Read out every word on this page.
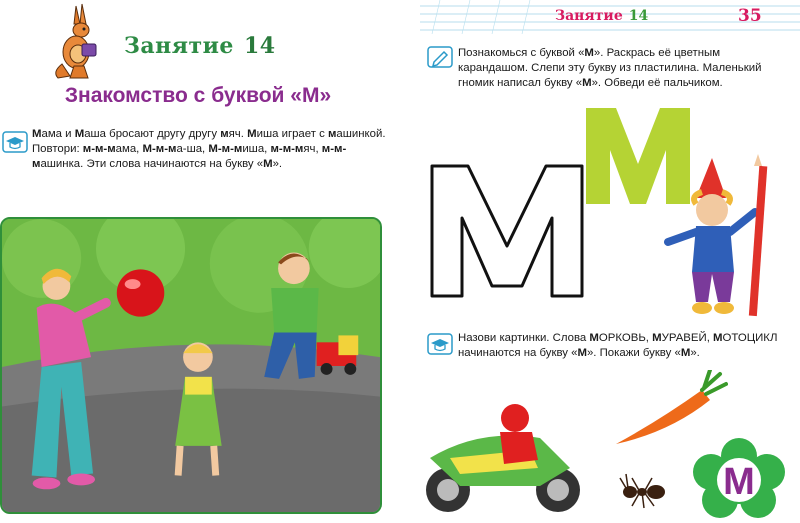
Занятие 14
Знакомство с буквой «М»
Мама и Маша бросают другу другу мяч. Миша играет с машинкой. Повтори: м-м-мама, М-м-ма-ша, М-м-миша, м-м-мяч, м-м-машинка. Эти слова начинаются на букву «М».
Занятие 14	35
Познакомься с буквой «М». Раскрась её цветным карандашом. Слепи эту букву из пластилина. Маленький гномик написал букву «М». Обведи её пальчиком.
Назови картинки. Слова МОРКОВЬ, МУРАВЕЙ, МОТОЦИКЛ начинаются на букву «М». Покажи букву «М».
М
